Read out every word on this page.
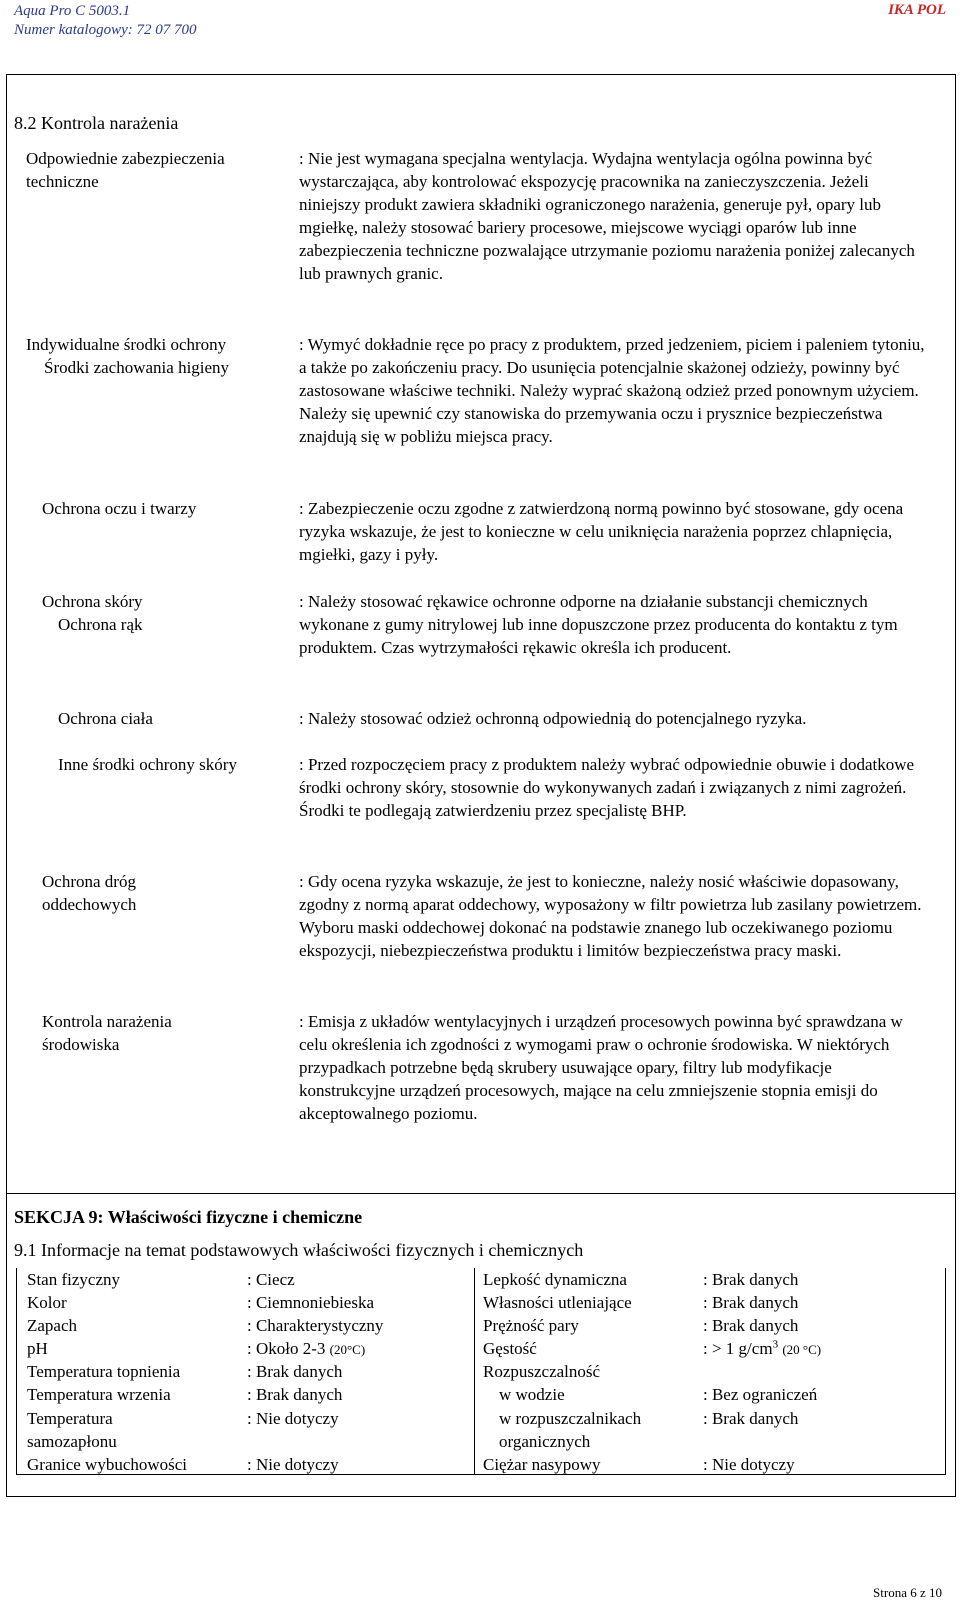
Aqua Pro C 5003.1
Numer katalogowy: 72 07 700
IKA POL
8.2 Kontrola narażenia
Odpowiednie zabezpieczenia
techniczne
: Nie jest wymagana specjalna wentylacja. Wydajna wentylacja ogólna powinna być wystarczająca, aby kontrolować ekspozycję pracownika na zanieczyszczenia. Jeżeli niniejszy produkt zawiera składniki ograniczonego narażenia, generuje pył, opary lub mgiełkę, należy stosować bariery procesowe, miejscowe wyciągi oparów lub inne zabezpieczenia techniczne pozwalające utrzymanie poziomu narażenia poniżej zalecanych lub prawnych granic.
Indywidualne środki ochrony
Środki zachowania higieny
: Wymyć dokładnie ręce po pracy z produktem, przed jedzeniem, piciem i paleniem tytoniu, a także po zakończeniu pracy. Do usunięcia potencjalnie skażonej odzieży, powinny być zastosowane właściwe techniki. Należy wyprać skażoną odzież przed ponownym użyciem. Należy się upewnić czy stanowiska do przemywania oczu i prysznice bezpieczeństwa znajdują się w pobliżu miejsca pracy.
Ochrona oczu i twarzy	: Zabezpieczenie oczu zgodne z zatwierdzoną normą powinno być stosowane, gdy ocena ryzyka wskazuje, że jest to konieczne w celu uniknięcia narażenia poprzez chlapnięcia, mgiełki, gazy i pyły.
Ochrona skóry
Ochrona rąk
: Należy stosować rękawice ochronne odporne na działanie substancji chemicznych wykonane z gumy nitrylowej lub inne dopuszczone przez producenta do kontaktu z tym produktem. Czas wytrzymałości rękawic określa ich producent.
Ochrona ciała	: Należy stosować odzież ochronną odpowiednią do potencjalnego ryzyka.
Inne środki ochrony skóry	: Przed rozpoczęciem pracy z produktem należy wybrać odpowiednie obuwie i dodatkowe środki ochrony skóry, stosownie do wykonywanych zadań i związanych z nimi zagrożeń.
Środki te podlegają zatwierdzeniu przez specjalistę BHP.
Ochrona dróg
oddechowych
: Gdy ocena ryzyka wskazuje, że jest to konieczne, należy nosić właściwie dopasowany, zgodny z normą aparat oddechowy, wyposażony w filtr powietrza lub zasilany powietrzem. Wyboru maski oddechowej dokonać na podstawie znanego lub oczekiwanego poziomu ekspozycji, niebezpieczeństwa produktu i limitów bezpieczeństwa pracy maski.
Kontrola narażenia
środowiska
: Emisja z układów wentylacyjnych i urządzeń procesowych powinna być sprawdzana w celu określenia ich zgodności z wymogami praw o ochronie środowiska. W niektórych przypadkach potrzebne będą skrubery usuwające opary, filtry lub modyfikacje konstrukcyjne urządzeń procesowych, mające na celu zmniejszenie stopnia emisji do akceptowalnego poziomu.
SEKCJA 9: Właściwości fizyczne i chemiczne
9.1 Informacje na temat podstawowych właściwości fizycznych i chemicznych
Stan fizyczny	: Ciecz
Kolor	: Ciemnoniebieska
Zapach	: Charakterystyczny
pH	: Około 2-3 (20°C)
Temperatura topnienia	: Brak danych
Temperatura wrzenia	: Brak danych
Temperatura
samozapłonu
: Nie dotyczy
Granice wybuchowości	: Nie dotyczy
Lepkość dynamiczna	: Brak danych
Własności utleniające	: Brak danych
Prężność pary	: Brak danych
Gęstość	: > 1 $g/cm^3$ (20 °C)
Rozpuszczalność
w wodzie	: Bez ograniczeń
w rozpuszczalnikach
organicznych
: Brak danych
Ciężar nasypowy	: Nie dotyczy
Strona 6 z 10
